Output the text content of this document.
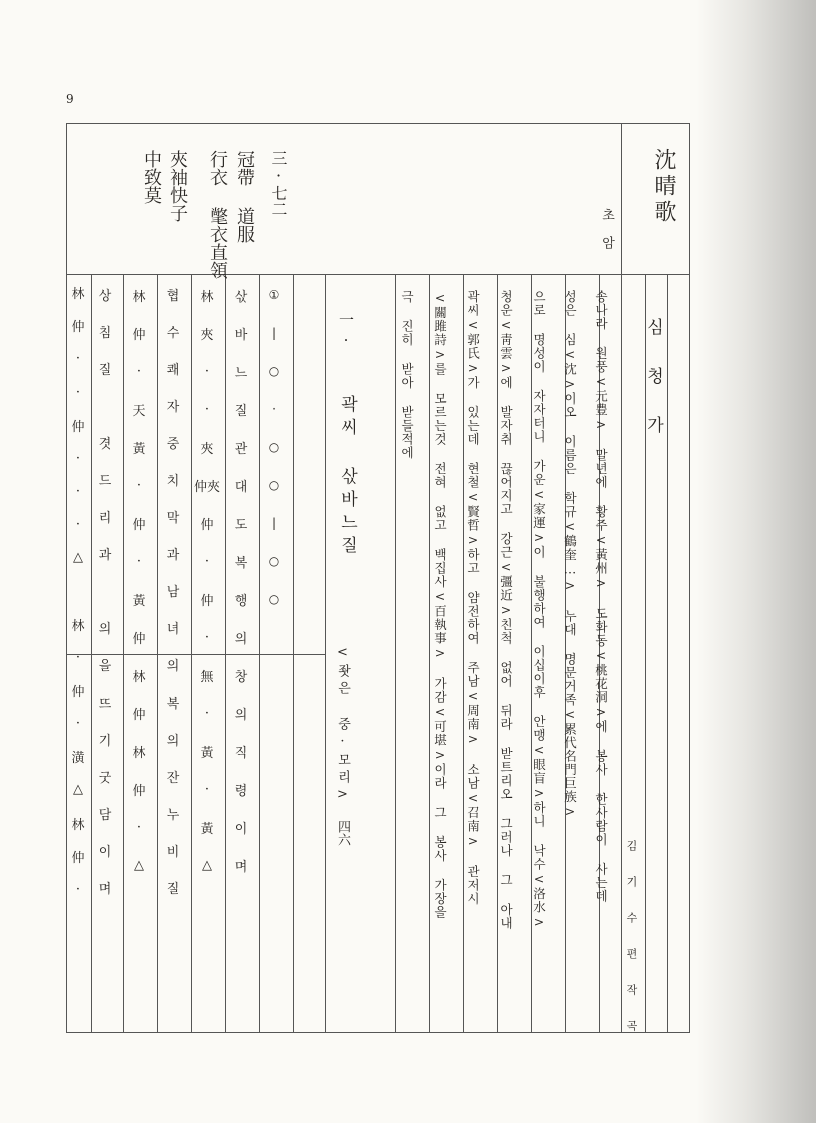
9
沈晴歌
초 암
三·七二
冠帶 道服
行衣 氅衣直領
夾袖快子
中致莫
심 청 가
김 기 수 편 작 곡
송나라 원풍<元豊> 말년에 황주<黃州> 도화동<桃花洞>에 봉사 한사람이 사는데
성은 심<沈>이오 이름은 학규<鶴奎…> 누대 명문거족<累代名門巨族>
으로 명성이 자자터니 가운<家運>이 불행하여 이십이후 안맹<眼盲>하니 낙수<洛水>
청운<靑雲>에 발자취 끊어지고 강근<彊近>친척 없어 뒤라 받트리오 그러나 그 아내
곽씨<郭氏>가 있는데 현철<賢哲>하고 얌전하여 주남<周南> 소남<召南> 관저시
<關雎詩>를 모르는것 전혀 없고 백집사<百執事> 가감<可堪>이라 그 봉사 가장을
극 진히 받아 받들적에
一.
곽씨 삯바느질
<좟은 중·모리>
四六
①
|
○
·
○
○
|
○
○
삯
바
느
질
관
대
도
복
행
의
창
의
직
령
이
며
林
夾
·
·
夾
仲夾
仲
·
仲
·
無
·
黃
·
黃
△
협
수
쾌
자
중
치
막
과
남
녀
의
복
의
잔
누
비
질
林
仲
·
天
黃
·
仲
·
黃
仲
林
仲
林
仲
·
△
상
침
질
겻
드
리
과
의
을
뜨
기
굿
담
이
며
林
仲
·
·
仲
·
·
·
△
林
·
仲
·
潢
△
林
仲
·
